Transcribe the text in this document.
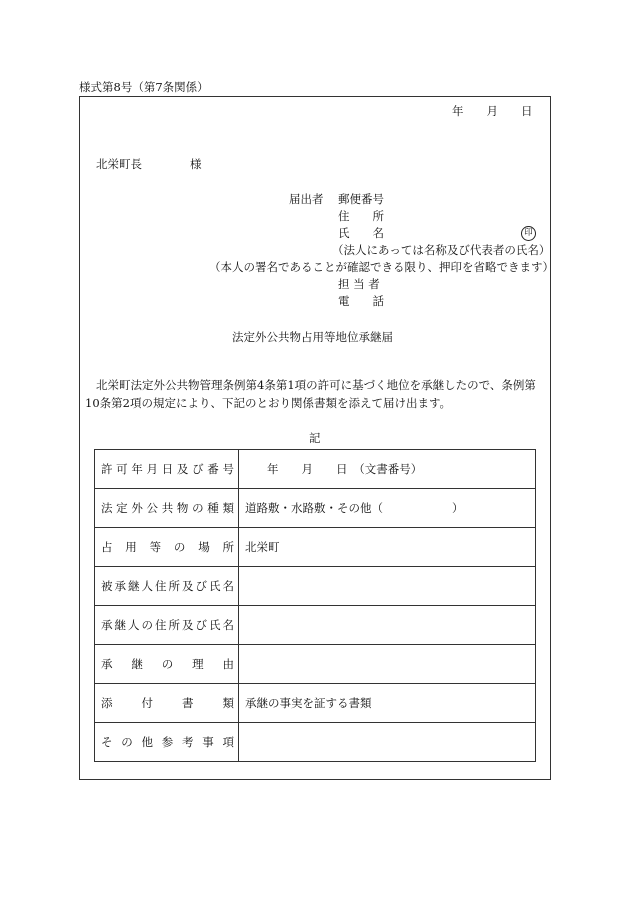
様式第8号（第7条関係）
年　　月　　日
北栄町長	様
届出者 郵便番号
住　　所
氏　　名	印
（法人にあっては名称及び代表者の氏名）
（本人の署名であることが確認できる限り、押印を省略できます）
担 当 者
電　　話
法定外公共物占用等地位承継届
北栄町法定外公共物管理条例第4条第1項の許可に基づく地位を承継したので、条例第
10条第2項の規定により、下記のとおり関係書類を添えて届け出ます。
記
許可年月日及び番号	年　　月　　日　（文書番号）
法定外公共物の種類	道路敷・水路敷・その他（　　　　　　）
占用等の場所	北栄町
被承継人住所及び氏名	
承継人の住所及び氏名	
承継の理由	
添付書類	承継の事実を証する書類
その他参考事項	
